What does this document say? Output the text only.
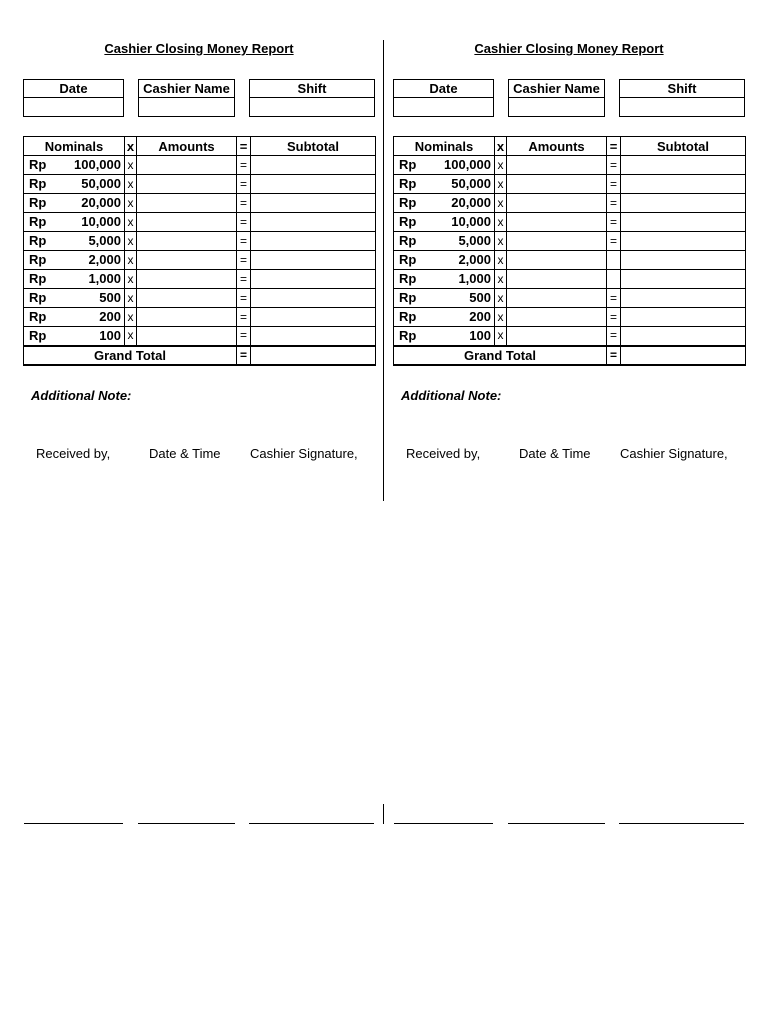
Cashier Closing Money Report
Date	Cashier Name	Shift
Nominals	x	Amounts	=	Subtotal

Rp 100,000	x		=	

Rp 50,000	x		=	

Rp 20,000	x		=	

Rp 10,000	x		=	

Rp 5,000	x		=	

Rp 2,000	x		=	

Rp 1,000	x		=	

Rp 500	x		=	

Rp 200	x		=	

Rp 100	x		=	
Grand Total			=	
Additional Note:
Received by,	Date & Time Cashier Signature,
Cashier Closing Money Report
Date	Cashier Name	Shift
Nominals	x	Amounts	=	Subtotal

Rp 100,000	x		=	

Rp 50,000	x		=	

Rp 20,000	x		=	

Rp 10,000	x		=	

Rp 5,000	x		=	

Rp 2,000	x			

Rp 1,000	x			

Rp 500	x		=	

Rp 200	x		=	

Rp 100	x		=	
Grand Total			=	
Additional Note:
Received by,	Date & Time Cashier Signature,
